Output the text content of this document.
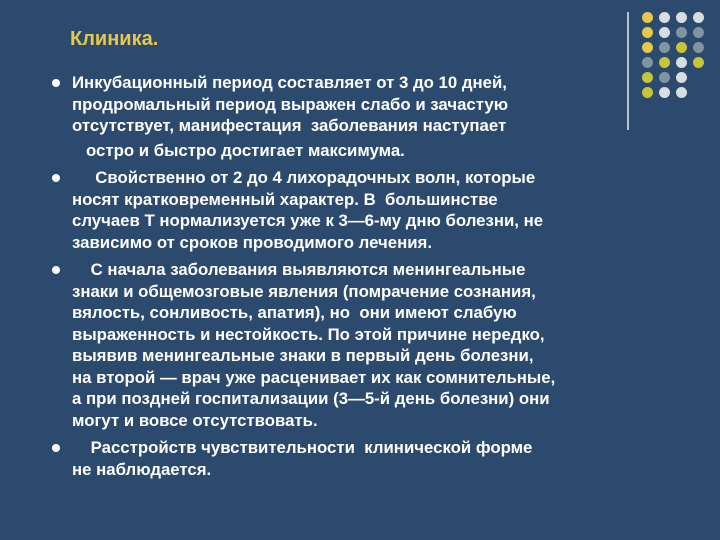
Клиника.
Инкубационный период составляет от 3 до 10 дней,
продромальный период выражен слабо и зачастую
отсутствует, манифестация  заболевания наступает
острo и быстро достигает максимума.
Свойственно от 2 до 4 лихорадочных волн, которые
носят кратковременный характер. В  большинстве
случаев Т нормализуется уже к 3—6-му дню болезни, не
зависимо от сроков проводимого лечения.
С начала заболевания выявляются менингеальные
знаки и общемозговые явления (помрачение сознания,
вялость, сонливость, апатия), но  они имеют слабую
выраженность и нестойкость. По этой причине нередко,
выявив менингеальные знаки в первый день болезни,
на второй — врач уже расценивает их как сомнительные,
а при поздней госпитализации (3—5-й день болезни) они
могут и вовсе отсутствовать.
Расстройств чувствительности  клинической форме
не наблюдается.
